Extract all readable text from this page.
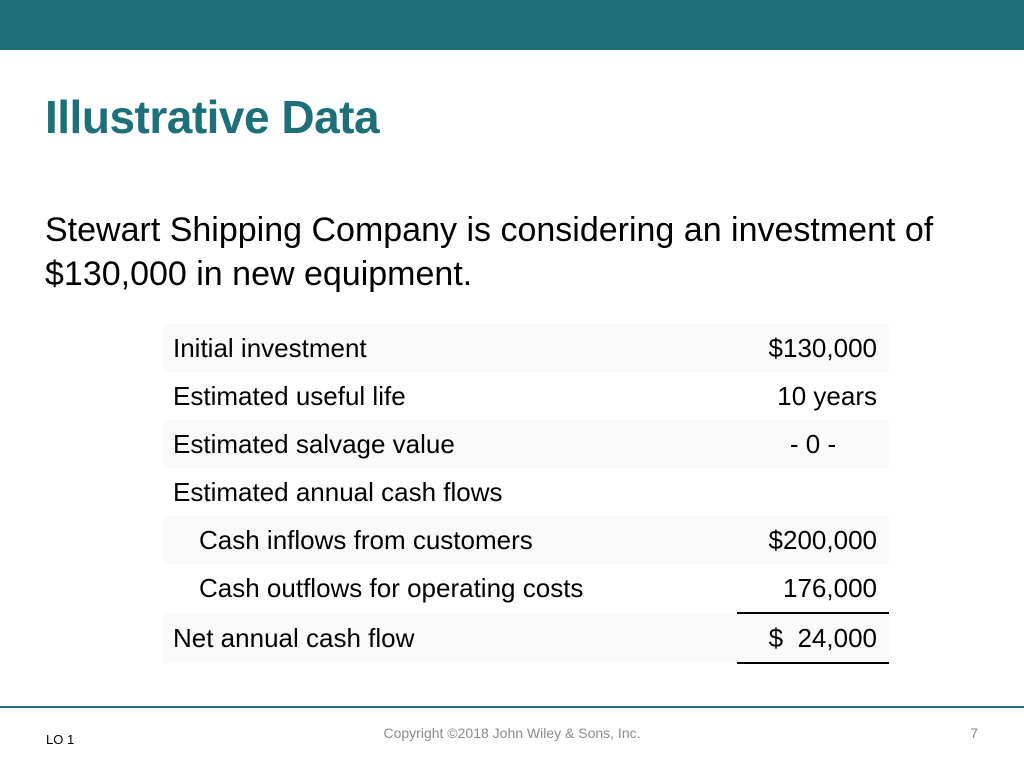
Illustrative Data

Stewart Shipping Company is considering an investment of $130,000 in new equipment.

Initial investment	$130,000
Estimated useful life	10 years
Estimated salvage value	- 0 -
Estimated annual cash flows	
Cash inflows from customers	$200,000
Cash outflows for operating costs	176,000
Net annual cash flow	$  24,000
LO 1	Copyright ©2018 John Wiley & Sons, Inc.	7
